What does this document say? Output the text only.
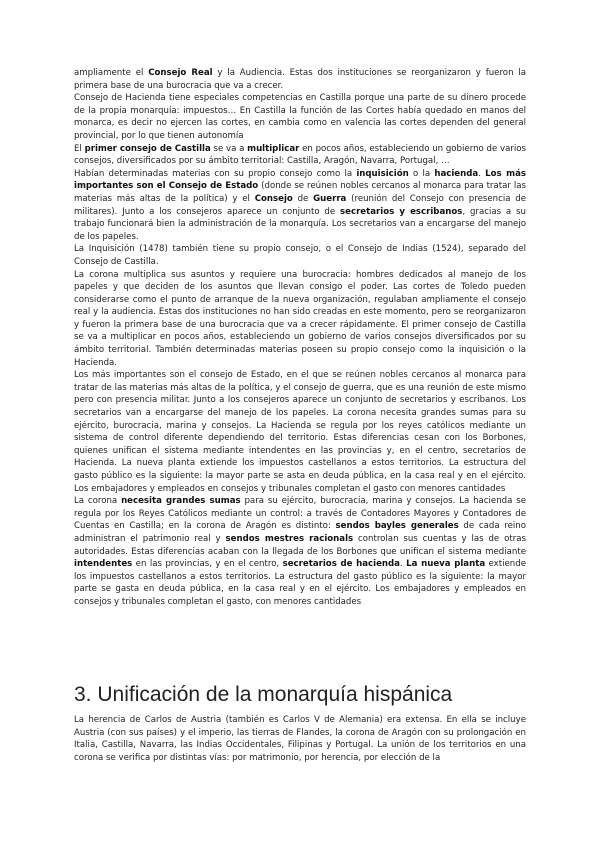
ampliamente el Consejo Real y la Audiencia. Estas dos instituciones se reorganizaron y fueron la primera base de una burocracia que va a crecer.

Consejo de Hacienda tiene especiales competencias en Castilla porque una parte de su dinero procede de la propia monarquía: impuestos… En Castilla la función de las Cortes había quedado en manos del monarca, es decir no ejercen las cortes, en cambia como en valencia las cortes dependen del general provincial, por lo que tienen autonomía

El primer consejo de Castilla se va a multiplicar en pocos años, estableciendo un gobierno de varios consejos, diversificados por su ámbito territorial: Castilla, Aragón, Navarra, Portugal, …

Habían determinadas materias con su propio consejo como la inquisición o la hacienda. Los más importantes son el Consejo de Estado (donde se reúnen nobles cercanos al monarca para tratar las materias más altas de la política) y el Consejo de Guerra (reunión del Consejo con presencia de militares). Junto a los consejeros aparece un conjunto de secretarios y escribanos, gracias a su trabajo funcionará bien la administración de la monarquía. Los secretarios van a encargarse del manejo de los papeles.

La Inquisición (1478) también tiene su propio consejo, o el Consejo de Indias (1524), separado del Consejo de Castilla.

La corona multiplica sus asuntos y requiere una burocracia: hombres dedicados al manejo de los papeles y que deciden de los asuntos que llevan consigo el poder. Las cortes de Toledo pueden considerarse como el punto de arranque de la nueva organización, regulaban ampliamente el consejo real y la audiencia. Estas dos instituciones no han sido creadas en este momento, pero se reorganizaron y fueron la primera base de una burocracia que va a crecer rápidamente. El primer consejo de Castilla se va a multiplicar en pocos años, estableciendo un gobierno de varios consejos diversificados por su ámbito territorial. También determinadas materias poseen su propio consejo como la inquisición o la Hacienda.

Los más importantes son el consejo de Estado, en el que se reúnen nobles cercanos al monarca para tratar de las materias más altas de la política, y el consejo de guerra, que es una reunión de este mismo pero con presencia militar. Junto a los consejeros aparece un conjunto de secretarios y escribanos. Los secretarios van a encargarse del manejo de los papeles. La corona necesita grandes sumas para su ejército, burocracia, marina y consejos. La Hacienda se regula por los reyes católicos mediante un sistema de control diferente dependiendo del territorio. Estas diferencias cesan con los Borbones, quienes unifican el sistema mediante intendentes en las provincias y, en el centro, secretarios de Hacienda. La nueva planta extiende los impuestos castellanos a estos territorios. La estructura del gasto público es la siguiente: la mayor parte se asta en deuda pública, en la casa real y en el ejército. Los embajadores y empleados en consejos y tribunales completan el gasto con menores cantidades

La corona necesita grandes sumas para su ejército, burocracia, marina y consejos. La hacienda se regula por los Reyes Católicos mediante un control: a través de Contadores Mayores y Contadores de Cuentas en Castilla; en la corona de Aragón es distinto: sendos bayles generales de cada reino administran el patrimonio real y sendos mestres racionals controlan sus cuentas y las de otras autoridades. Estas diferencias acaban con la llegada de los Borbones que unifican el sistema mediante intendentes en las provincias, y en el centro, secretarios de hacienda. La nueva planta extiende los impuestos castellanos a estos territorios. La estructura del gasto público es la siguiente: la mayor parte se gasta en deuda pública, en la casa real y en el ejército. Los embajadores y empleados en consejos y tribunales completan el gasto, con menores cantidades

3. Unificación de la monarquía hispánica

La herencia de Carlos de Austria (también es Carlos V de Alemania) era extensa. En ella se incluye Austria (con sus países) y el imperio, las tierras de Flandes, la corona de Aragón con su prolongación en Italia, Castilla, Navarra, las Indias Occidentales, Filipinas y Portugal. La unión de los territorios en una corona se verifica por distintas vías: por matrimonio, por herencia, por elección de la
